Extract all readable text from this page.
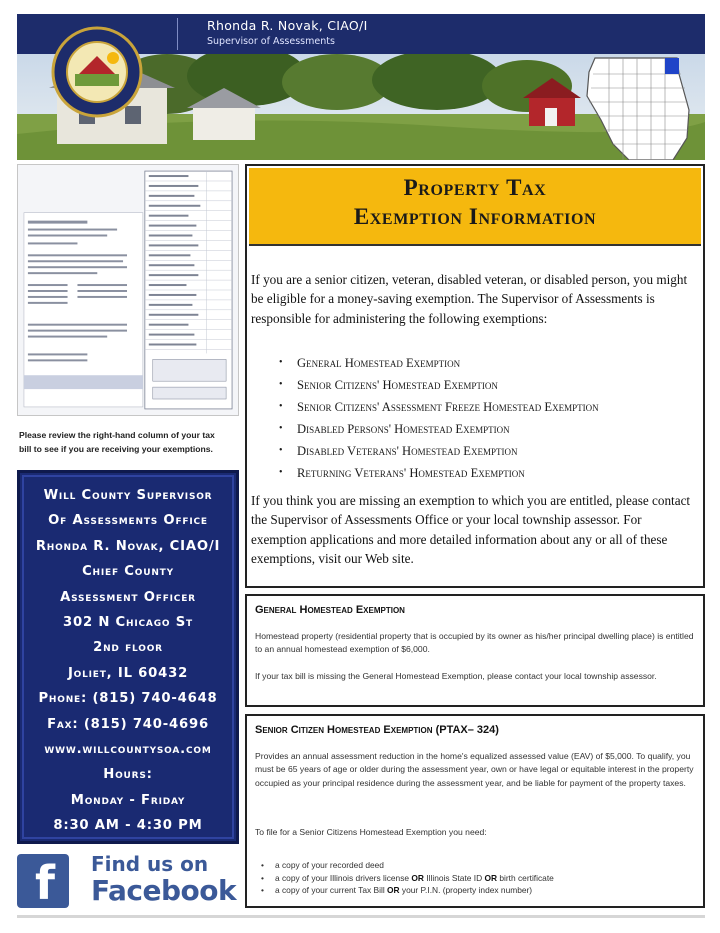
Rhonda R. Novak, CIAO/I
Supervisor of Assessments
Please review the right-hand column of your tax
bill to see if you are receiving your exemptions.
Will County Supervisor
Of Assessments Office
Rhonda R. Novak, CIAO/I
Chief County
Assessment Officer
302 N Chicago St
2nd floor
Joliet, IL 60432
Phone: (815) 740-4648
Fax: (815) 740-4696
www.willcountysoa.com
Hours:
Monday - Friday
8:30 AM - 4:30 PM
f Find us on
Facebook
Property Tax
Exemption Information

If you are a senior citizen, veteran, disabled veteran, or disabled person, you might be eligible for a money-saving exemption. The Supervisor of Assessments is responsible for administering the following exemptions:

• General Homestead Exemption
• Senior Citizens' Homestead Exemption
• Senior Citizens' Assessment Freeze Homestead Exemption
• Disabled Persons' Homestead Exemption
• Disabled Veterans' Homestead Exemption
• Returning Veterans' Homestead Exemption

If you think you are missing an exemption to which you are entitled, please contact the Supervisor of Assessments Office or your local township assessor. For exemption applications and more detailed information about any or all of these exemptions, visit our Web site.

General Homestead Exemption

Homestead property (residential property that is occupied by its owner as his/her principal dwelling place) is entitled to an annual homestead exemption of $6,000.

If your tax bill is missing the General Homestead Exemption, please contact your local township assessor.

Senior Citizen Homestead Exemption (PTAX– 324)

Provides an annual assessment reduction in the home's equalized assessed value (EAV) of $5,000. To qualify, you must be 65 years of age or older during the assessment year, own or have legal or equitable interest in the property occupied as your principal residence during the assessment year, and be liable for payment of the property taxes.

To file for a Senior Citizens Homestead Exemption you need:

• a copy of your recorded deed
• a copy of your Illinois drivers license OR Illinois State ID OR birth certificate
• a copy of your current Tax Bill OR your P.I.N. (property index number)
